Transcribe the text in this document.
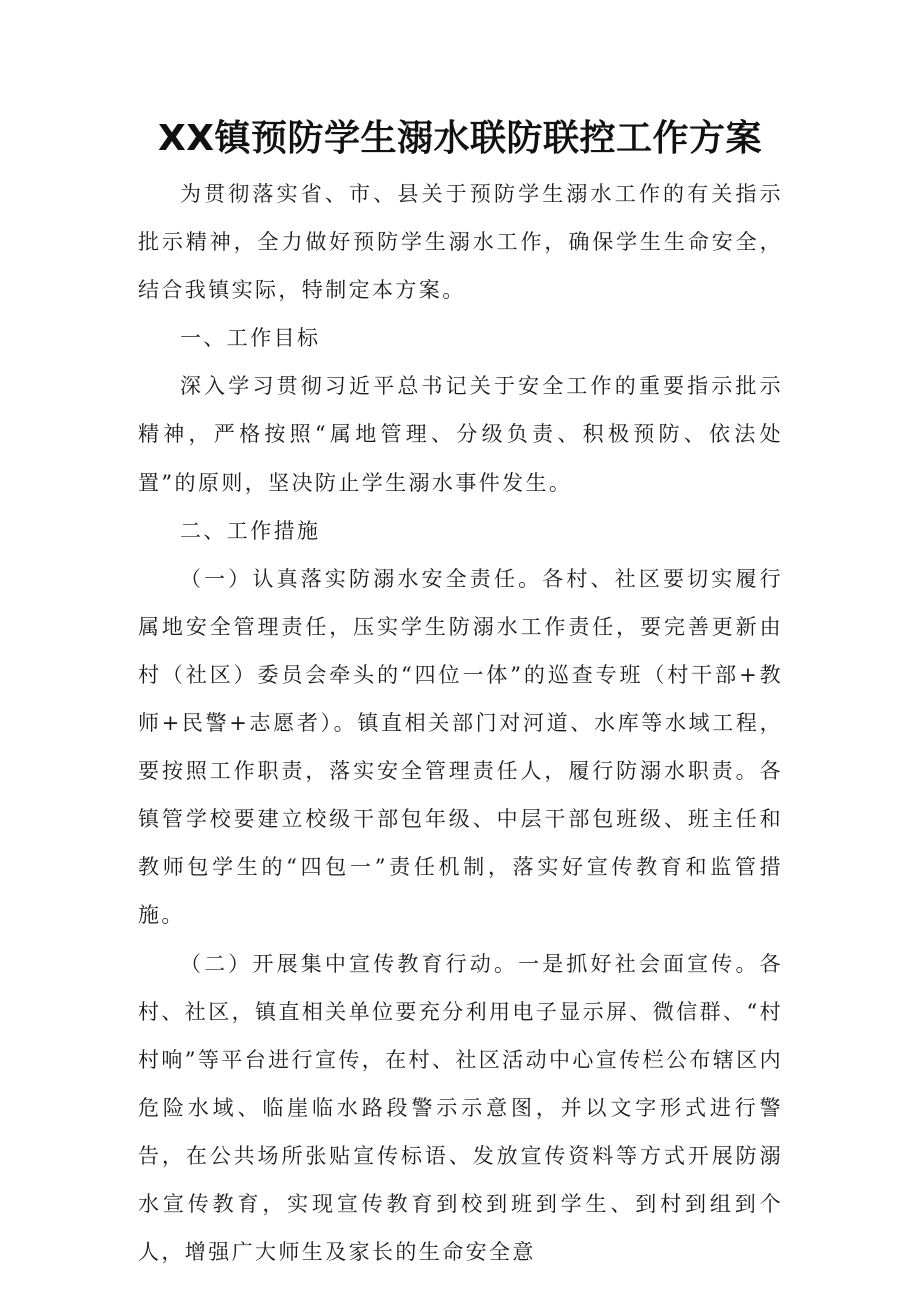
XX镇预防学生溺水联防联控工作方案

为贯彻落实省、市、县关于预防学生溺水工作的有关指示批示精神，全力做好预防学生溺水工作，确保学生生命安全，结合我镇实际，特制定本方案。

一、工作目标

深入学习贯彻习近平总书记关于安全工作的重要指示批示精神，严格按照“属地管理、分级负责、积极预防、依法处置”的原则，坚决防止学生溺水事件发生。

二、工作措施

（一）认真落实防溺水安全责任。各村、社区要切实履行属地安全管理责任，压实学生防溺水工作责任，要完善更新由村（社区）委员会牵头的“四位一体”的巡查专班（村干部+教师+民警+志愿者）。镇直相关部门对河道、水库等水域工程，要按照工作职责，落实安全管理责任人，履行防溺水职责。各镇管学校要建立校级干部包年级、中层干部包班级、班主任和教师包学生的“四包一”责任机制，落实好宣传教育和监管措施。

（二）开展集中宣传教育行动。一是抓好社会面宣传。各村、社区，镇直相关单位要充分利用电子显示屏、微信群、“村村响”等平台进行宣传，在村、社区活动中心宣传栏公布辖区内危险水域、临崖临水路段警示示意图，并以文字形式进行警告，在公共场所张贴宣传标语、发放宣传资料等方式开展防溺水宣传教育，实现宣传教育到校到班到学生、到村到组到个人，增强广大师生及家长的生命安全意
